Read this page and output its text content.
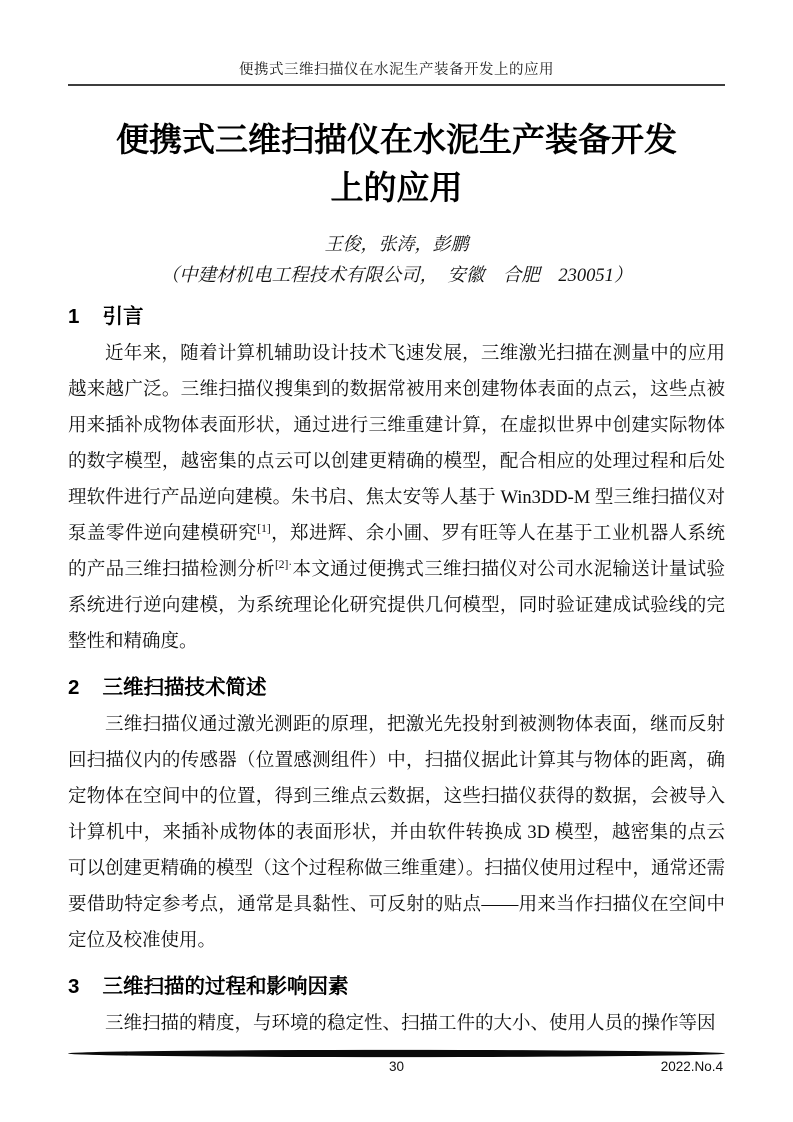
便携式三维扫描仪在水泥生产装备开发上的应用
便携式三维扫描仪在水泥生产装备开发
上的应用
王俊，张涛，彭鹏
（中建材机电工程技术有限公司，　安徽　合肥　230051）
1 引言

近年来，随着计算机辅助设计技术飞速发展，三维激光扫描在测量中的应用越来越广泛。三维扫描仪搜集到的数据常被用来创建物体表面的点云，这些点被用来插补成物体表面形状，通过进行三维重建计算，在虚拟世界中创建实际物体的数字模型，越密集的点云可以创建更精确的模型，配合相应的处理过程和后处理软件进行产品逆向建模。朱书启、焦太安等人基于 Win3DD-M 型三维扫描仪对泵盖零件逆向建模研究[1]，郑进辉、余小圃、罗有旺等人在基于工业机器人系统的产品三维扫描检测分析$^{[2]\cdot}$本文通过便携式三维扫描仪对公司水泥输送计量试验系统进行逆向建模，为系统理论化研究提供几何模型，同时验证建成试验线的完整性和精确度。

2 三维扫描技术简述

三维扫描仪通过激光测距的原理，把激光先投射到被测物体表面，继而反射回扫描仪内的传感器（位置感测组件）中，扫描仪据此计算其与物体的距离，确定物体在空间中的位置，得到三维点云数据，这些扫描仪获得的数据，会被导入计算机中，来插补成物体的表面形状，并由软件转换成 3D 模型，越密集的点云可以创建更精确的模型（这个过程称做三维重建）。扫描仪使用过程中，通常还需要借助特定参考点，通常是具黏性、可反射的贴点——用来当作扫描仪在空间中定位及校准使用。

3 三维扫描的过程和影响因素

三维扫描的精度，与环境的稳定性、扫描工件的大小、使用人员的操作等因

30	2022.No.4
